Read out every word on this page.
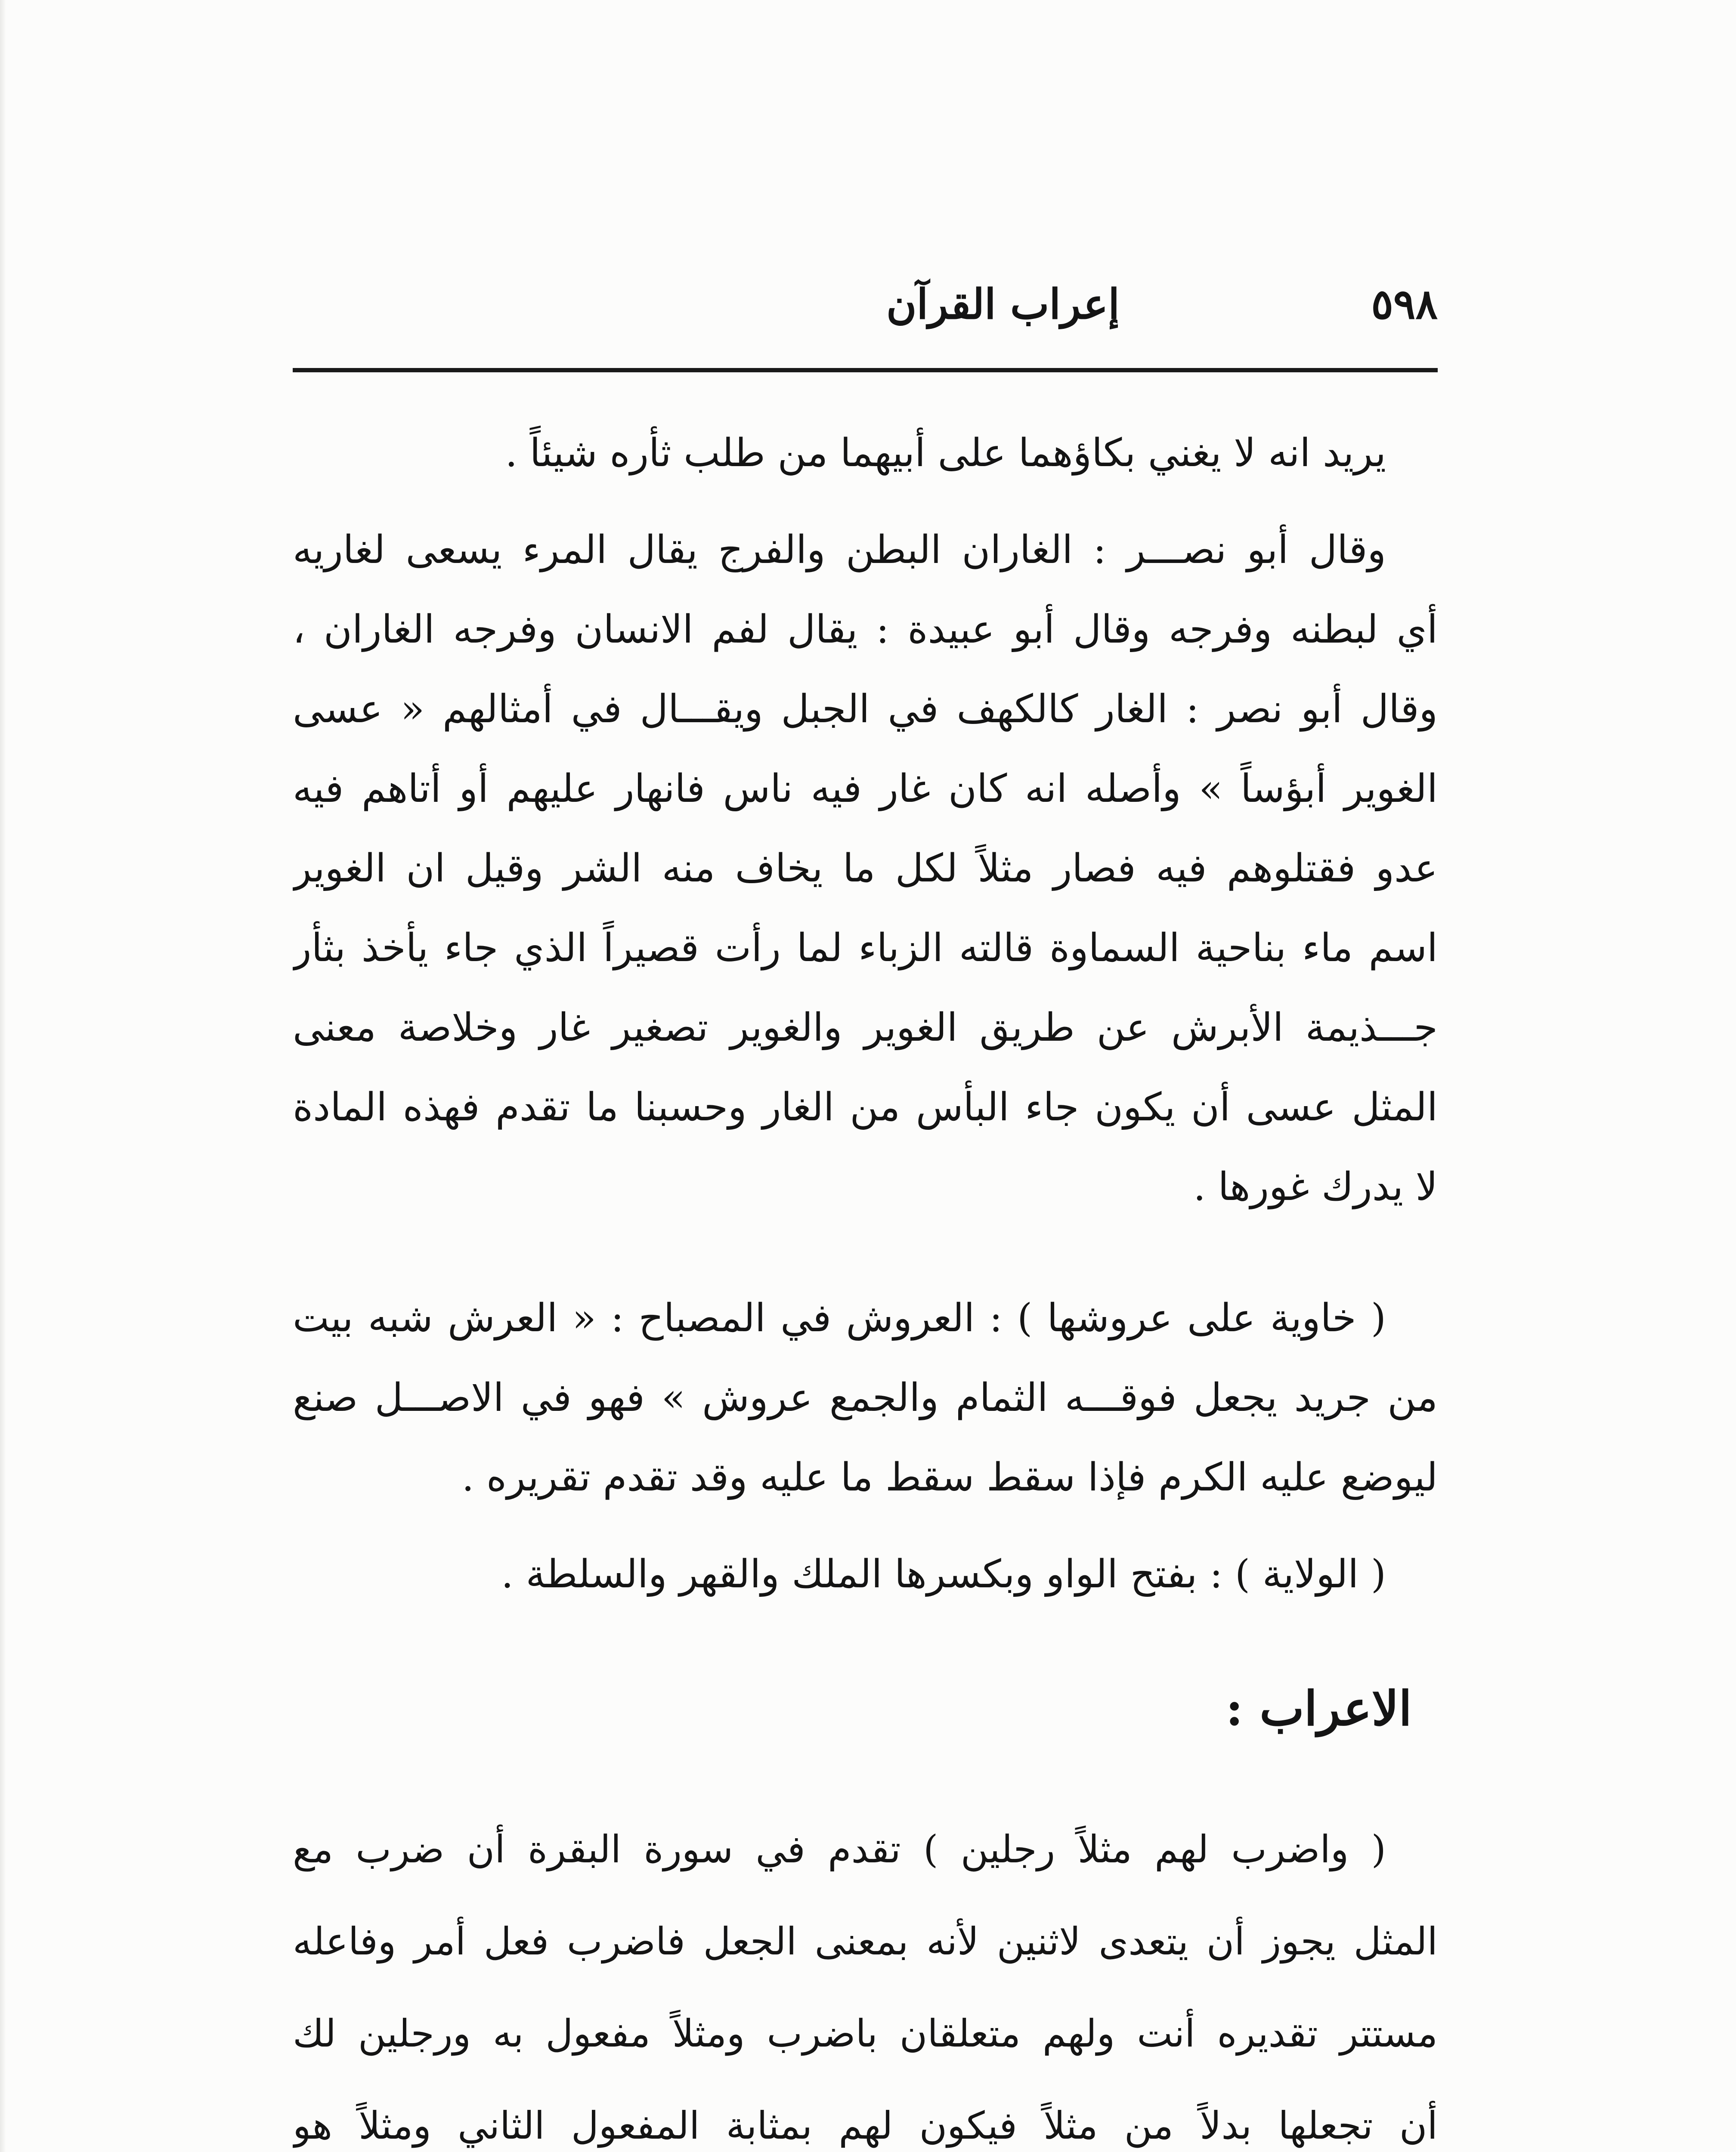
٥٩٨
إعراب القرآن

يريد انه لا يغني بكاؤهما على أبيهما من طلب ثأره شيئاً .

وقال أبو نصـــر : الغاران البطن والفرج يقال المرء يسعى لغاريه
أي لبطنه وفرجه وقال أبو عبيدة : يقال لفم الانسان وفرجه الغاران ،
وقال أبو نصر : الغار كالكهف في الجبل ويقـــال في أمثالهم « عسى
الغوير أبؤساً » وأصله انه كان غار فيه ناس فانهار عليهم أو أتاهم فيه
عدو فقتلوهم فيه فصار مثلاً لكل ما يخاف منه الشر وقيل ان الغوير
اسم ماء بناحية السماوة قالته الزباء لما رأت قصيراً الذي جاء يأخذ بثأر
جـــذيمة الأبرش عن طريق الغوير والغوير تصغير غار وخلاصة معنى
المثل عسى أن يكون جاء البأس من الغار وحسبنا ما تقدم فهذه المادة
لا يدرك غورها .

( خاوية على عروشها ) : العروش في المصباح : « العرش شبه بيت
من جريد يجعل فوقـــه الثمام والجمع عروش » فهو في الاصـــل صنع
ليوضع عليه الكرم فإذا سقط سقط ما عليه وقد تقدم تقريره .

( الولاية ) : بفتح الواو وبكسرها الملك والقهر والسلطة .

الاعراب :

( واضرب لهم مثلاً رجلين ) تقدم في سورة البقرة أن ضرب مع
المثل يجوز أن يتعدى لاثنين لأنه بمعنى الجعل فاضرب فعل أمر وفاعله
مستتر تقديره أنت ولهم متعلقان باضرب ومثلاً مفعول به ورجلين لك
أن تجعلها بدلاً من مثلاً فيكون لهم بمثابة المفعول الثاني ومثلاً هو
